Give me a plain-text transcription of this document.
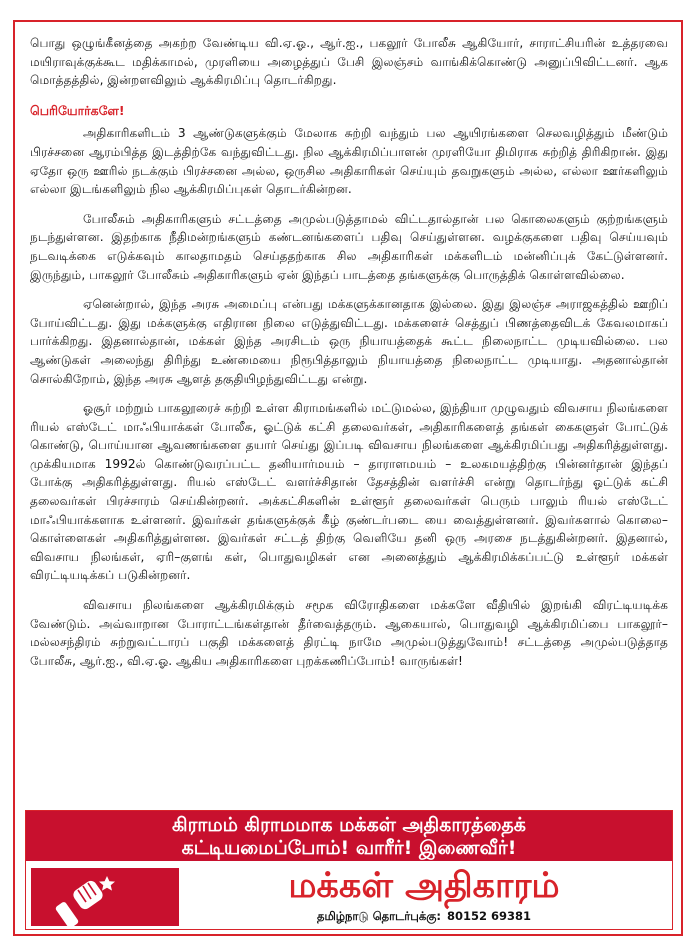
பொது ஒழுங்கீனத்தை அகற்ற வேண்டிய வி.ஏ.ஓ., ஆர்.ஐ., பகலூர் போலீசு ஆகியோர், சாராட்சியரின் உத்தரவை மயிராவுக்குக்கூட மதிக்காமல், முரளியை அழைத்துப் பேசி இலஞ்சம் வாங்கிக்கொண்டு அனுப்பிவிட்டனர். ஆக மொத்தத்தில், இன்றளவிலும் ஆக்கிரமிப்பு தொடர்கிறது.

பெரியோர்களே!

அதிகாரிகளிடம் 3 ஆண்டுகளுக்கும் மேலாக சுற்றி வந்தும் பல ஆயிரங்களை செலவழித்தும் மீண்டும் பிரச்சனை ஆரம்பித்த இடத்திற்கே வந்துவிட்டது. நில ஆக்கிரமிப்பாளன் முரளியோ திமிராக சுற்றித் திரிகிறான். இது ஏதோ ஒரு ஊரில் நடக்கும் பிரச்சனை அல்ல, ஒருசில அதிகாரிகள் செய்யும் தவறுகளும் அல்ல, எல்லா ஊர்களிலும் எல்லா இடங்களிலும் நில ஆக்கிரமிப்புகள் தொடர்கின்றன.

போலீசும் அதிகாரிகளும் சட்டத்தை அமுல்படுத்தாமல் விட்டதால்தான் பல கொலைகளும் குற்றங்களும் நடந்துள்ளன. இதற்காக நீதிமன்றங்களும் கண்டனங்களைப் பதிவு செய்துள்ளன. வழக்குகளை பதிவு செய்யவும் நடவடிக்கை எடுக்கவும் காலதாமதம் செய்ததற்காக சில அதிகாரிகள் மக்களிடம் மன்னிப்புக் கேட்டுள்ளனர். இருந்தும், பாகலூர் போலீசும் அதிகாரிகளும் ஏன் இந்தப் பாடத்தை தங்களுக்கு பொருத்திக் கொள்ளவில்லை.

ஏனென்றால், இந்த அரசு அமைப்பு என்பது மக்களுக்கானதாக இல்லை. இது இலஞ்ச அராஜகத்தில் ஊறிப் போய்விட்டது. இது மக்களுக்கு எதிரான நிலை எடுத்துவிட்டது. மக்களைச் செத்துப் பிணத்தைவிடக் கேவலமாகப் பார்க்கிறது. இதனால்தான், மக்கள் இந்த அரசிடம் ஒரு நியாயத்தைக் கூட்ட நிலைநாட்ட முடியவில்லை. பல ஆண்டுகள் அலைந்து திரிந்து உண்மையை நிரூபித்தாலும் நியாயத்தை நிலைநாட்ட முடியாது. அதனால்தான் சொல்கிறோம், இந்த அரசு ஆளத் தகுதியிழந்துவிட்டது என்று.

ஓசூர் மற்றும் பாகலூரைச் சுற்றி உள்ள கிராமங்களில் மட்டுமல்ல, இந்தியா முழுவதும் விவசாய நிலங்களை ரியல் எஸ்டேட் மாஃபியாக்கள் போலீசு, ஓட்டுக் கட்சி தலைவர்கள், அதிகாரிகளைத் தங்கள் கைகளுள் போட்டுக் கொண்டு, பொய்யான ஆவணங்களை தயார் செய்து இப்படி விவசாய நிலங்களை ஆக்கிரமிப்பது அதிகரித்துள்ளது. முக்கியமாக 1992ல் கொண்டுவரப்பட்ட தனியார்மயம் – தாராளமயம் – உலகமயத்திற்கு பின்னர்தான் இந்தப் போக்கு அதிகரித்துள்ளது. ரியல் எஸ்டேட் வளர்ச்சிதான் தேசத்தின் வளர்ச்சி என்று தொடர்ந்து ஓட்டுக் கட்சி தலைவர்கள் பிரச்சாரம் செய்கின்றனர். அக்கட்சிகளின் உள்ளூர் தலைவர்கள் பெரும் பாலும் ரியல் எஸ்டேட் மாஃபியாக்களாக உள்ளனர். இவர்கள் தங்களுக்குக் கீழ் குண்டர்படை யை வைத்துள்ளனர். இவர்களால் கொலை–கொள்ளைகள் அதிகரித்துள்ளன. இவர்கள் சட்டத் திற்கு வெளியே தனி ஒரு அரசை நடத்துகின்றனர். இதனால், விவசாய நிலங்கள், ஏரி–குளங் கள், பொதுவழிகள் என அனைத்தும் ஆக்கிரமிக்கப்பட்டு உள்ளூர் மக்கள் விரட்டியடிக்கப் படுகின்றனர்.

விவசாய நிலங்களை ஆக்கிரமிக்கும் சமூக விரோதிகளை மக்களே வீதியில் இறங்கி விரட்டியடிக்க வேண்டும். அவ்வாறான போராட்டங்கள்தான் தீர்வைத்தரும். ஆகையால், பொதுவழி ஆக்கிரமிப்பை பாகலூர்–மல்லசந்திரம் சுற்றுவட்டாரப் பகுதி மக்களைத் திரட்டி நாமே அமுல்படுத்துவோம்! சட்டத்தை அமுல்படுத்தாத போலீசு, ஆர்.ஐ., வி.ஏ.ஓ. ஆகிய அதிகாரிகளை புறக்கணிப்போம்! வாருங்கள்!

கிராமம் கிராமமாக மக்கள் அதிகாரத்தைக்
கட்டியமைப்போம்! வாரீர்! இணைவீர்!
மக்கள் அதிகாரம்
தமிழ்நாடு தொடர்புக்கு: 80152 69381
